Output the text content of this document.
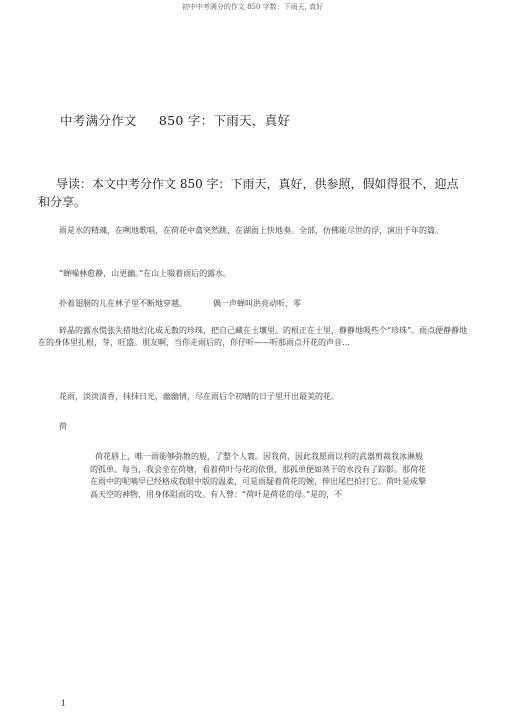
初中中考满分的作文 850 字数：下雨天, 真好
中考满分作文 850 字：下雨天，真好

导读：本文中考分作文 850 字：下雨天，真好，供参照，假如得很不，迎点和分享。

雨是水的精魂，在咧地歌唱，在荷花中翕突然跳，在湖面上快地奏。全部，仿佛能尽世的浮，演出千年的篇。

“蝉噪林愈静，山更幽。”在山上啜着雨后的露水。

扑着翅膀的儿在林子里不断地穿越。	偶一声蝉叫洪亮动听，零

碎晶的露水慌张失措地幻化成无数的珍珠，把自己藏在土壤里。的根正在土里，静静地吸些个“珍珠”。雨点便静静地在的身体里扎根，芽，旺盛。朋友啊，当你走雨后的，你仔听——听那雨点开花的声音…

花雨，淡淡清香，抹抹日光，幽幽情，尽在雨后个初晴的日子里开出最美的花。

荷

荷花唇上，唯一雨能够弥散的般，了整个人寰。因我荷，因此我愿雨以利的武器剪裁我冰淋般的孤单。每当，我会坐在荷塘，看着荷叶与花的依偎，那孤单便如蒸干的水没有了踪影。那荷花在雨中的呢喃早已经格成我眼中版的温柔，可是雨疑着荷花的婉，伸出尾巴拍打它。荷叶是成擎高天空的神物，用身体阻雨的攻。有人曾：“荷叶是荷花的母。”是的，不

1
